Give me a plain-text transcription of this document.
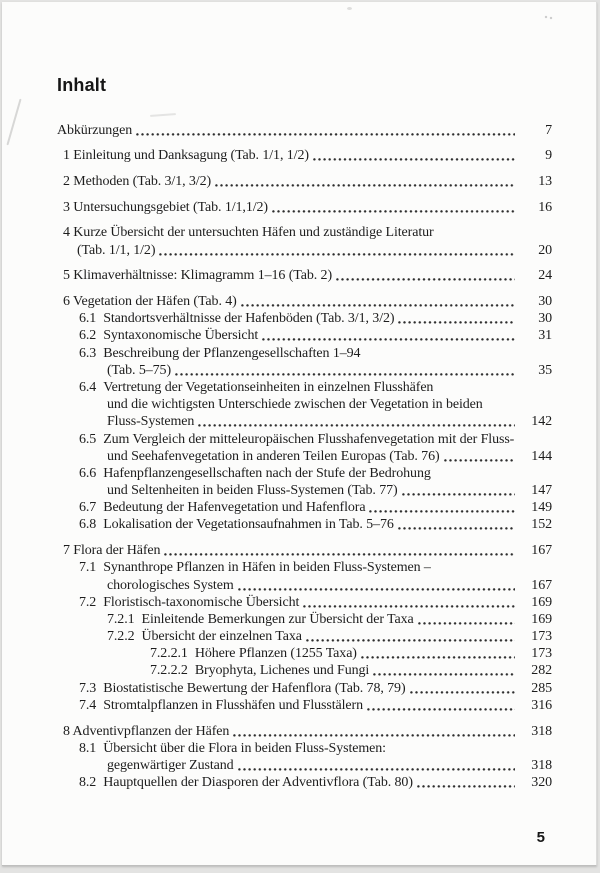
Inhalt
Abkürzungen	7
1 Einleitung und Danksagung (Tab. 1/1, 1/2)	9
2 Methoden (Tab. 3/1, 3/2)	13
3 Untersuchungsgebiet (Tab. 1/1,1/2)	16
4 Kurze Übersicht der untersuchten Häfen und zuständige Literatur
(Tab. 1/1, 1/2)	20
5 Klimaverhältnisse: Klimagramm 1–16 (Tab. 2)	24
6 Vegetation der Häfen (Tab. 4)	30
6.1 Standortsverhältnisse der Hafenböden (Tab. 3/1, 3/2)	30
6.2 Syntaxonomische Übersicht	31
6.3 Beschreibung der Pflanzengesellschaften 1–94
(Tab. 5–75)	35
6.4 Vertretung der Vegetationseinheiten in einzelnen Flusshäfen
und die wichtigsten Unterschiede zwischen der Vegetation in beiden
Fluss-Systemen	142
6.5 Zum Vergleich der mitteleuropäischen Flusshafenvegetation mit der Fluss-
und Seehafenvegetation in anderen Teilen Europas (Tab. 76)	144
6.6 Hafenpflanzengesellschaften nach der Stufe der Bedrohung
und Seltenheiten in beiden Fluss-Systemen (Tab. 77)	147
6.7 Bedeutung der Hafenvegetation und Hafenflora	149
6.8 Lokalisation der Vegetationsaufnahmen in Tab. 5–76	152
7 Flora der Häfen	167
7.1 Synanthrope Pflanzen in Häfen in beiden Fluss-Systemen –
chorologisches System	167
7.2 Floristisch-taxonomische Übersicht	169
7.2.1 Einleitende Bemerkungen zur Übersicht der Taxa	169
7.2.2 Übersicht der einzelnen Taxa	173
7.2.2.1 Höhere Pflanzen (1255 Taxa)	173
7.2.2.2 Bryophyta, Lichenes und Fungi	282
7.3 Biostatistische Bewertung der Hafenflora (Tab. 78, 79)	285
7.4 Stromtalpflanzen in Flusshäfen und Flusstälern	316
8 Adventivpflanzen der Häfen	318
8.1 Übersicht über die Flora in beiden Fluss-Systemen:
gegenwärtiger Zustand	318
8.2 Hauptquellen der Diasporen der Adventivflora (Tab. 80)	320
5
